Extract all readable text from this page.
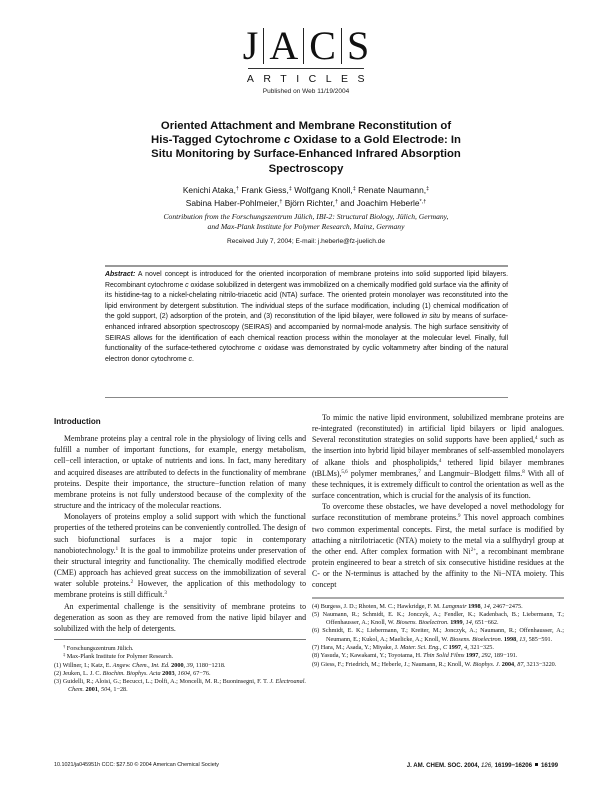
J A C S
ARTICLES
Published on Web 11/19/2004
Oriented Attachment and Membrane Reconstitution of
His-Tagged Cytochrome c Oxidase to a Gold Electrode: In
Situ Monitoring by Surface-Enhanced Infrared Absorption
Spectroscopy
Kenichi Ataka,† Frank Giess,‡ Wolfgang Knoll,‡ Renate Naumann,‡
Sabina Haber-Pohlmeier,† Björn Richter,† and Joachim Heberle*,†
Contribution from the Forschungszentrum Jülich, IBI-2: Structural Biology, Jülich, Germany,
and Max-Plank Institute for Polymer Research, Mainz, Germany
Received July 7, 2004; E-mail: j.heberle@fz-juelich.de
Abstract: A novel concept is introduced for the oriented incorporation of membrane proteins into solid supported lipid bilayers. Recombinant cytochrome c oxidase solubilized in detergent was immobilized on a chemically modified gold surface via the affinity of its histidine-tag to a nickel-chelating nitrilo-triacetic acid (NTA) surface. The oriented protein monolayer was reconstituted into the lipid environment by detergent substitution. The individual steps of the surface modification, including (1) chemical modification of the gold support, (2) adsorption of the protein, and (3) reconstitution of the lipid bilayer, were followed in situ by means of surface-enhanced infrared absorption spectroscopy (SEIRAS) and accompanied by normal-mode analysis. The high surface sensitivity of SEIRAS allows for the identification of each chemical reaction process within the monolayer at the molecular level. Finally, full functionality of the surface-tethered cytochrome c oxidase was demonstrated by cyclic voltammetry after binding of the natural electron donor cytochrome c.
Introduction

Membrane proteins play a central role in the physiology of living cells and fulfill a number of important functions, for example, energy metabolism, cell−cell interaction, or uptake of nutrients and ions. In fact, many hereditary and acquired diseases are attributed to defects in the functionality of membrane proteins. Despite their importance, the structure−function relation of many membrane proteins is not fully understood because of the complexity of the structure and the intricacy of the molecular reactions.

Monolayers of proteins employ a solid support with which the functional properties of the tethered proteins can be conveniently controlled. The design of such biofunctional surfaces is a major topic in contemporary nanobiotechnology.$^1$ It is the goal to immobilize proteins under preservation of their structural integrity and functionality. The chemically modified electrode (CME) approach has achieved great success on the immobilization of several water soluble proteins.$^2$ However, the application of this methodology to membrane proteins is still difficult.$^3$

An experimental challenge is the sensitivity of membrane proteins to degeneration as soon as they are removed from the native lipid bilayer and solubilized with the help of detergents.

† Forschungszentrum Jülich.
‡ Max-Plank Institute for Polymer Research.
(1) Willner, I.; Katz, E. Angew. Chem., Int. Ed. 2000, 39, 1180−1218.
(2) Jeuken, L. J. C. Biochim. Biophys. Acta 2003, 1604, 67−76.
(3) Guidelli, R.; Aloisi, G.; Becucci, L.; Dolfi, A.; Moncelli, M. R.; Buoninsegni, F. T. J. Electroanal. Chem. 2001, 504, 1−28.

To mimic the native lipid environment, solubilized membrane proteins are re-integrated (reconstituted) in artificial lipid bilayers or lipid analogues. Several reconstitution strategies on solid supports have been applied,$^4$ such as the insertion into hybrid lipid bilayer membranes of self-assembled monolayers of alkane thiols and phospholipids,$^4$ tethered lipid bilayer membranes (tBLMs),$^{5,6}$ polymer membranes,$^7$ and Langmuir−Blodgett films.$^8$ With all of these techniques, it is extremely difficult to control the orientation as well as the surface concentration, which is crucial for the analysis of its function.

To overcome these obstacles, we have developed a novel methodology for surface reconstitution of membrane proteins.$^9$ This novel approach combines two common experimental concepts. First, the metal surface is modified by attaching a nitrilotriacetic (NTA) moiety to the metal via a sulfhydryl group at the other end. After complex formation with $Ni^{2+}$, a recombinant membrane protein engineered to bear a stretch of six consecutive histidine residues at the C- or the N-terminus is attached by the affinity to the Ni−NTA moiety. This concept

(4) Burgess, J. D.; Rhoten, M. C.; Hawkridge, F. M. Langmuir 1998, 14, 2467−2475.
(5) Naumann, R.; Schmidt, E. K.; Jonczyk, A.; Fendler, K.; Kadenbach, B.; Liebermann, T.; Offenhausser, A.; Knoll, W. Biosens. Bioelectron. 1999, 14, 651−662.
(6) Schmidt, E. K.; Liebermann, T.; Kreiter, M.; Jonczyk, A.; Naumann, R.; Offenhausser, A.; Neumann, E.; Kukol, A.; Maelicke, A.; Knoll, W. Biosens. Bioelectron. 1998, 13, 585−591.
(7) Hara, M.; Asada, Y.; Miyake, J. Mater. Sci. Eng., C 1997, 4, 321−325.
(8) Yasuda, Y.; Kawakami, Y.; Toyotama, H. Thin Solid Films 1997, 292, 189−191.
(9) Giess, F.; Friedrich, M.; Heberle, J.; Naumann, R.; Knoll, W. Biophys. J. 2004, 87, 3213−3220.
10.1021/ja045951h CCC: $27.50 © 2004 American Chemical Society	J. AM. CHEM. SOC. 2004, 126, 16199−16206 16199
